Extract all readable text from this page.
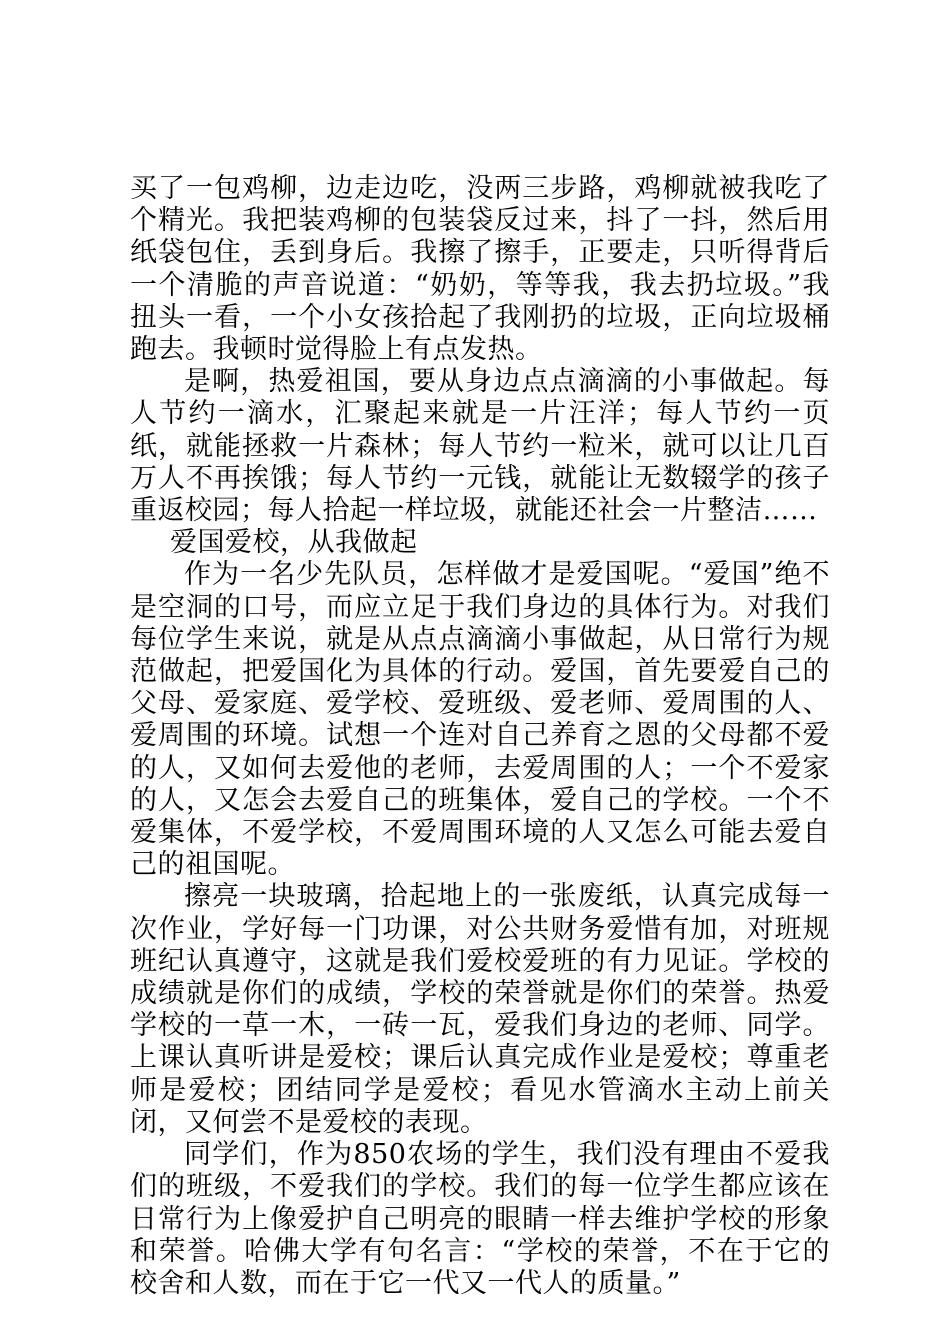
买了一包鸡柳，边走边吃，没两三步路，鸡柳就被我吃了个精光。我把装鸡柳的包装袋反过来，抖了一抖，然后用纸袋包住，丢到身后。我擦了擦手，正要走，只听得背后一个清脆的声音说道：“奶奶，等等我，我去扔垃圾。”我扭头一看，一个小女孩拾起了我刚扔的垃圾，正向垃圾桶跑去。我顿时觉得脸上有点发热。

是啊，热爱祖国，要从身边点点滴滴的小事做起。每人节约一滴水，汇聚起来就是一片汪洋；每人节约一页纸，就能拯救一片森林；每人节约一粒米，就可以让几百万人不再挨饿；每人节约一元钱，就能让无数辍学的孩子重返校园；每人拾起一样垃圾，就能还社会一片整洁……

爱国爱校，从我做起

作为一名少先队员，怎样做才是爱国呢。“爱国”绝不是空洞的口号，而应立足于我们身边的具体行为。对我们每位学生来说，就是从点点滴滴小事做起，从日常行为规范做起，把爱国化为具体的行动。爱国，首先要爱自己的父母、爱家庭、爱学校、爱班级、爱老师、爱周围的人、爱周围的环境。试想一个连对自己养育之恩的父母都不爱的人，又如何去爱他的老师，去爱周围的人；一个不爱家的人，又怎会去爱自己的班集体，爱自己的学校。一个不爱集体，不爱学校，不爱周围环境的人又怎么可能去爱自己的祖国呢。

擦亮一块玻璃，拾起地上的一张废纸，认真完成每一次作业，学好每一门功课，对公共财务爱惜有加，对班规班纪认真遵守，这就是我们爱校爱班的有力见证。学校的成绩就是你们的成绩，学校的荣誉就是你们的荣誉。热爱学校的一草一木，一砖一瓦，爱我们身边的老师、同学。上课认真听讲是爱校；课后认真完成作业是爱校；尊重老师是爱校；团结同学是爱校；看见水管滴水主动上前关闭，又何尝不是爱校的表现。

同学们，作为850农场的学生，我们没有理由不爱我们的班级，不爱我们的学校。我们的每一位学生都应该在日常行为上像爱护自己明亮的眼睛一样去维护学校的形象和荣誉。哈佛大学有句名言：“学校的荣誉，不在于它的校舍和人数，而在于它一代又一代人的质量。”
